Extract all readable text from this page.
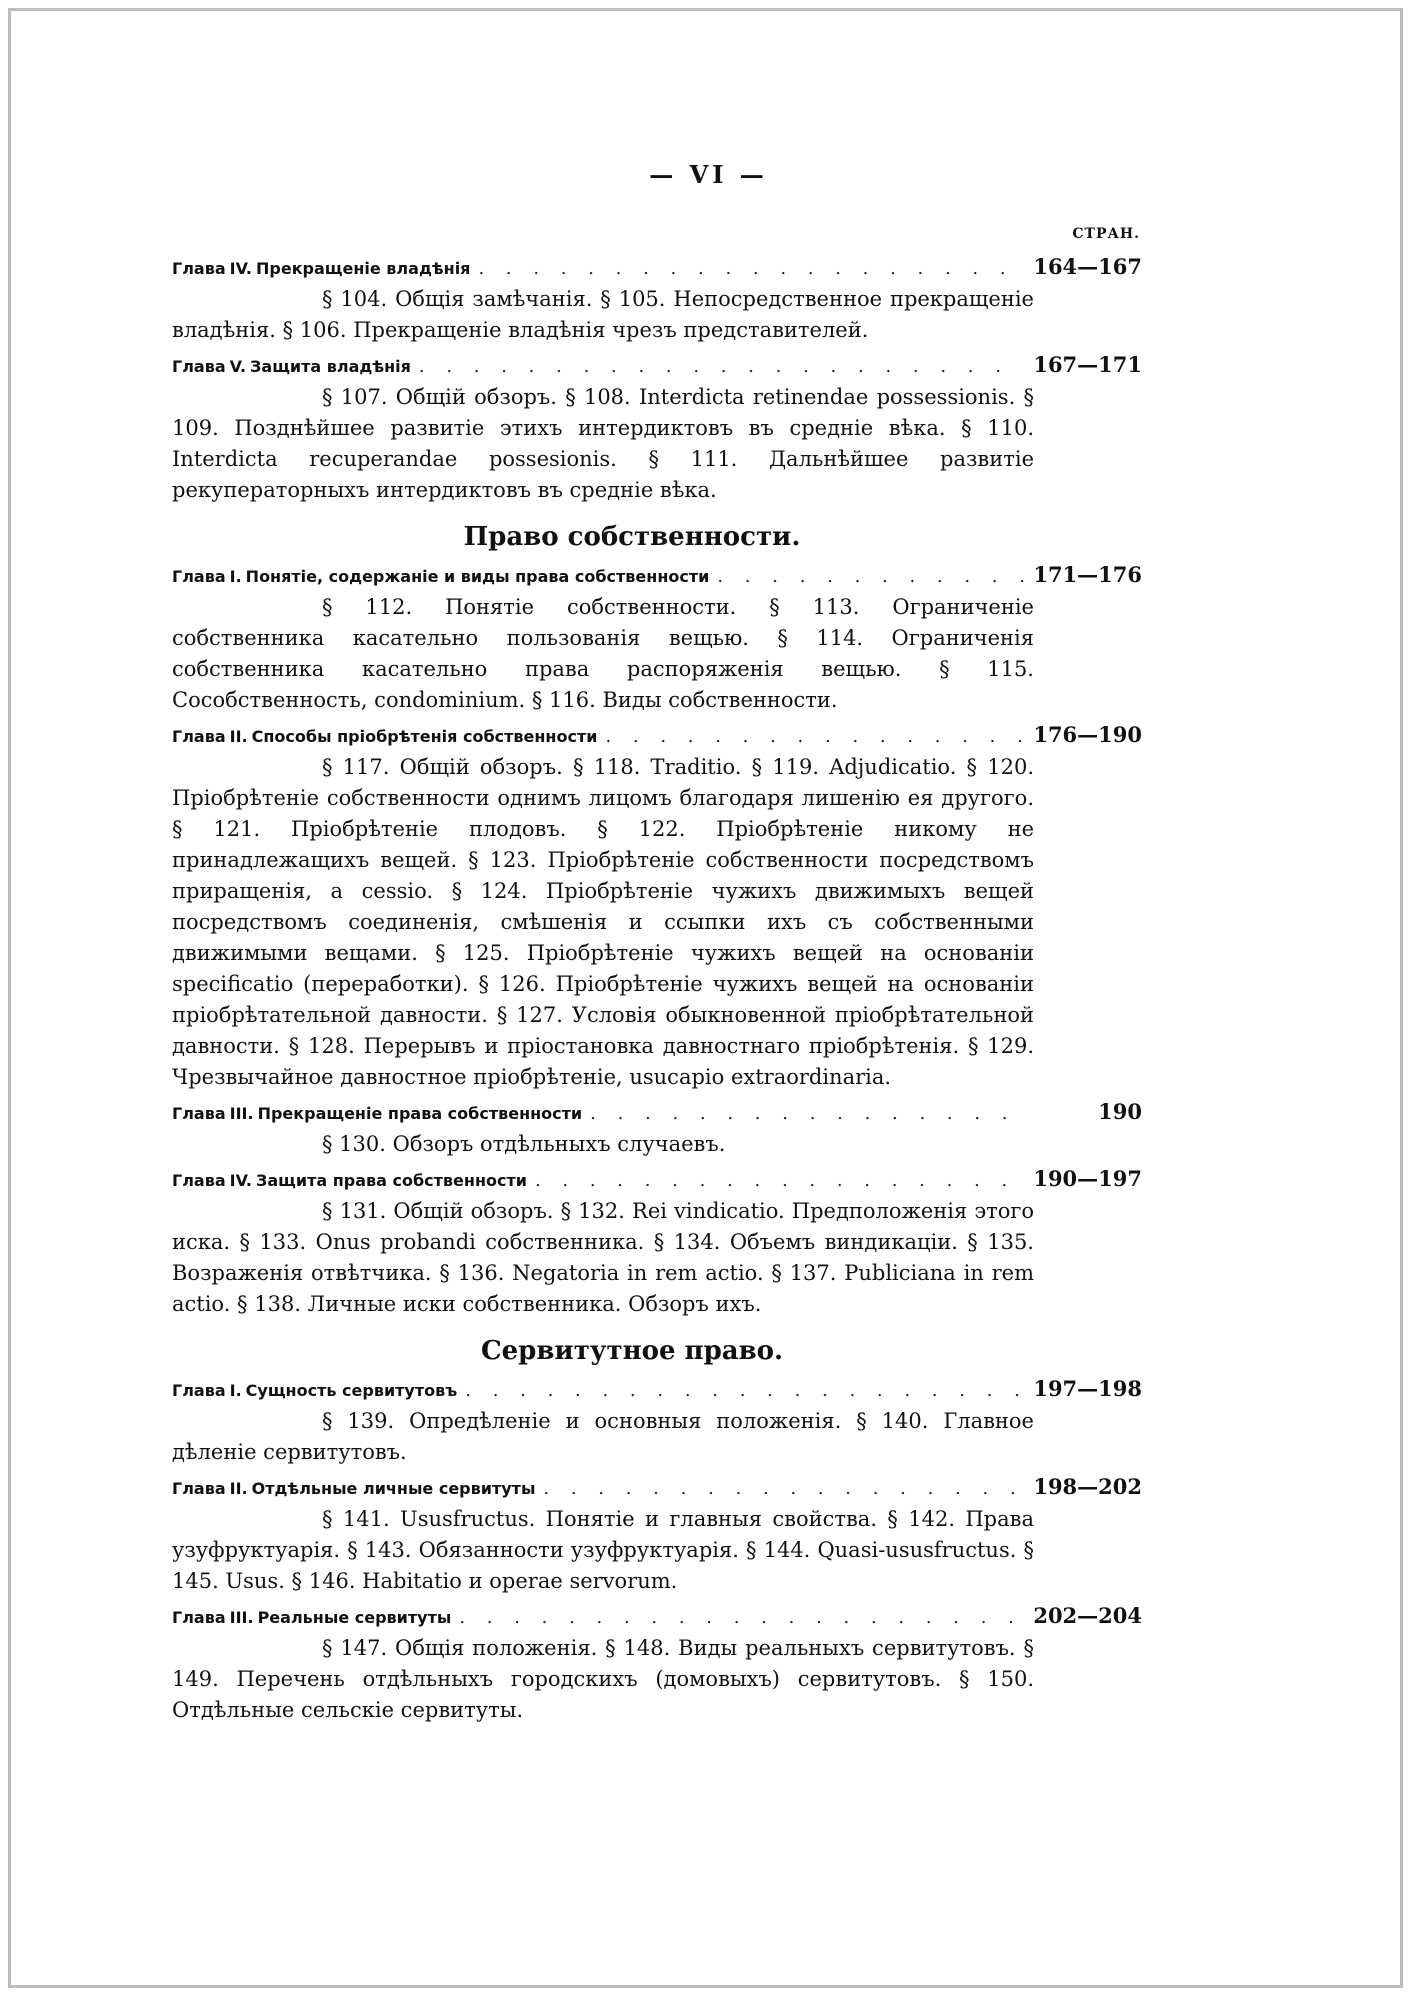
— VI —
СТРАН.
Глава IV. Прекращеніе владѣнія . . .	164—167
§ 104. Общія замѣчанія. § 105. Непосредственное прекращеніе владѣнія. § 106. Прекращеніе владѣнія чрезъ представителей.
Глава V. Защита владѣнія . . .	167—171
§ 107. Общій обзоръ. § 108. Interdicta retinendae possessionis. § 109. Позднѣйшее развитіе этихъ интердиктовъ въ средніе вѣка. § 110. Interdicta recuperandae possesionis. § 111. Дальнѣйшее развитіе рекуператорныхъ интердиктовъ въ средніе вѣка.
Право собственности.
Глава I. Понятіе, содержаніе и виды права собственности . . .	171—176
§ 112. Понятіе собственности. § 113. Ограниченіе собственника касательно пользованія вещью. § 114. Ограниченія собственника касательно права распоряженія вещью. § 115. Сособственность, condominium. § 116. Виды собственности.
Глава II. Способы пріобрѣтенія собственности . . .	176—190
§ 117. Общій обзоръ. § 118. Traditio. § 119. Adjudicatio. § 120. Пріобрѣтеніе собственности однимъ лицомъ благодаря лишенію ея другого. § 121. Пріобрѣтеніе плодовъ. § 122. Пріобрѣтеніе никому не принадлежащихъ вещей. § 123. Пріобрѣтеніе собственности посредствомъ приращенія, a cessio. § 124. Пріобрѣтеніе чужихъ движимыхъ вещей посредствомъ соединенія, смѣшенія и ссыпки ихъ съ собственными движимыми вещами. § 125. Пріобрѣтеніе чужихъ вещей на основаніи specificatio (переработки). § 126. Пріобрѣтеніе чужихъ вещей на основаніи пріобрѣтательной давности. § 127. Условія обыкновенной пріобрѣтательной давности. § 128. Перерывъ и пріостановка давностнаго пріобрѣтенія. § 129. Чрезвычайное давностное пріобрѣтеніе, usucapio extraordinaria.
Глава III. Прекращеніе права собственности . . .	190
§ 130. Обзоръ отдѣльныхъ случаевъ.
Глава IV. Защита права собственности . . .	190—197
§ 131. Общій обзоръ. § 132. Rei vindicatio. Предположенія этого иска. § 133. Onus probandi собственника. § 134. Объемъ виндикаціи. § 135. Возраженія отвѣтчика. § 136. Negatoria in rem actio. § 137. Publiciana in rem actio. § 138. Личные иски собственника. Обзоръ ихъ.
Сервитутное право.
Глава I. Сущность сервитутовъ . . .	197—198
§ 139. Опредѣленіе и основныя положенія. § 140. Главное дѣленіе сервитутовъ.
Глава II. Отдѣльные личные сервитуты . . .	198—202
§ 141. Ususfructus. Понятіе и главныя свойства. § 142. Права узуфруктуарія. § 143. Обязанности узуфруктуарія. § 144. Quasi-ususfructus. § 145. Usus. § 146. Habitatio и operae servorum.
Глава III. Реальные сервитуты . . .	202—204
§ 147. Общія положенія. § 148. Виды реальныхъ сервитутовъ. § 149. Перечень отдѣльныхъ городскихъ (домовыхъ) сервитутовъ. § 150. Отдѣльные сельскіе сервитуты.
